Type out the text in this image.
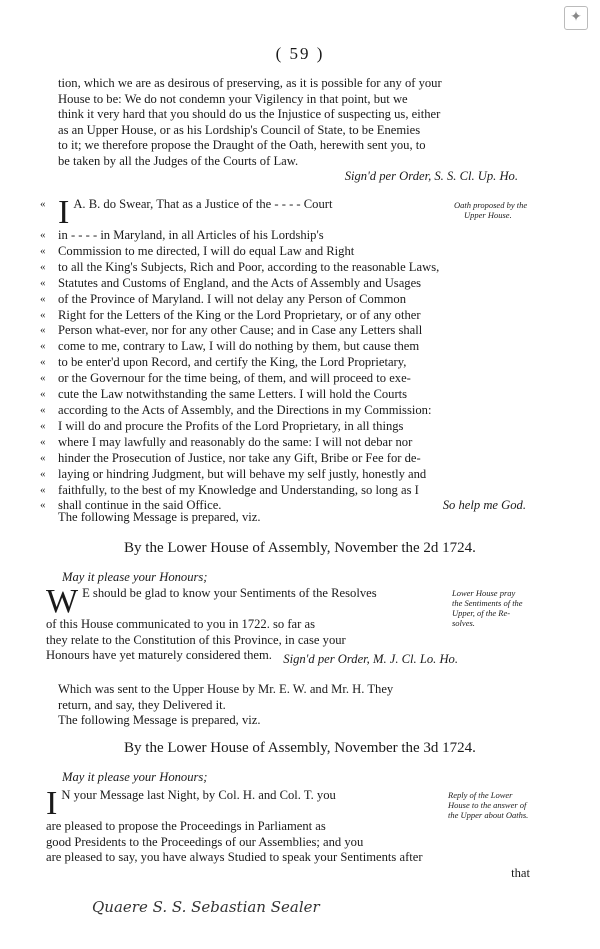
✦
( 59 )
tion, which we are as desirous of preserving, as it is possible for any of your
House to be: We do not condemn your Vigilency in that point, but we
think it very hard that you should do us the Injustice of suspecting us, either
as an Upper House, or as his Lordship's Council of State, to be Enemies
to it; we therefore propose the Draught of the Oath, herewith sent you, to
be taken by all the Judges of the Courts of Law.
Sign'd per Order, S. S. Cl. Up. Ho.
Oath proposed by the
Upper House.
« I A. B. do Swear, That as a Justice of the - - - - Court
« in - - - - in Maryland, in all Articles of his Lordship's
« Commission to me directed, I will do equal Law and Right
« to all the King's Subjects, Rich and Poor, according to the reasonable Laws,
« Statutes and Customs of England, and the Acts of Assembly and Usages
« of the Province of Maryland. I will not delay any Person of Common
« Right for the Letters of the King or the Lord Proprietary, or of any other
« Person what-ever, nor for any other Cause; and in Case any Letters shall
« come to me, contrary to Law, I will do nothing by them, but cause them
« to be enter'd upon Record, and certify the King, the Lord Proprietary,
« or the Governour for the time being, of them, and will proceed to exe-
« cute the Law notwithstanding the same Letters. I will hold the Courts
« according to the Acts of Assembly, and the Directions in my Commission:
« I will do and procure the Profits of the Lord Proprietary, in all things
« where I may lawfully and reasonably do the same: I will not debar nor
« hinder the Prosecution of Justice, nor take any Gift, Bribe or Fee for de-
« laying or hindring Judgment, but will behave my self justly, honestly and
« faithfully, to the best of my Knowledge and Understanding, so long as I
« shall continue in the said Office.	So help me God.
The following Message is prepared, viz.
By the Lower House of Assembly, November the 2d 1724.
May it please your Honours;
Lower House pray
the Sentiments of the
Upper, of the Re-
solves.
W E should be glad to know your Sentiments of the Resolves
of this House communicated to you in 1722. so far as
they relate to the Constitution of this Province, in case your
Honours have yet maturely considered them. Sign'd per Order, M. J. Cl. Lo. Ho.
Which was sent to the Upper House by Mr. E. W. and Mr. H. They
return, and say, they Delivered it.
The following Message is prepared, viz.
By the Lower House of Assembly, November the 3d 1724.
May it please your Honours;
Reply of the Lower
House to the answer of
the Upper about Oaths.
I N your Message last Night, by Col. H. and Col. T. you
are pleased to propose the Proceedings in Parliament as
good Presidents to the Proceedings of our Assemblies; and you
are pleased to say, you have always Studied to speak your Sentiments after
that
Quaere S. S. Sebastian Sealer
